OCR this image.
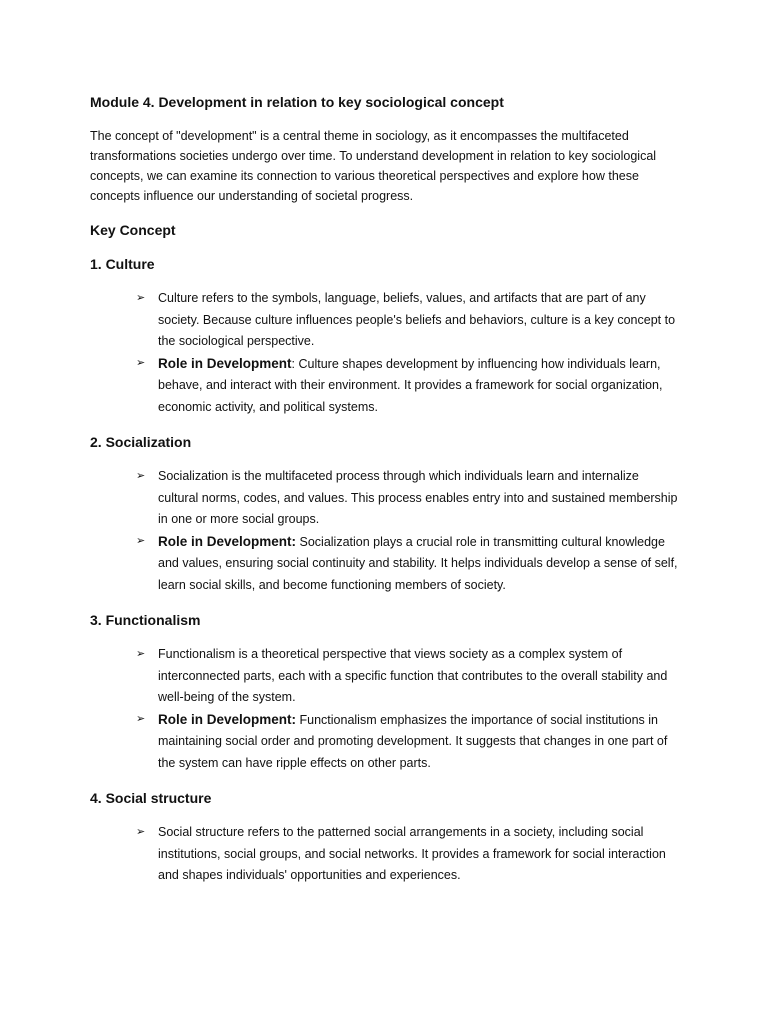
Module 4. Development in relation to key sociological concept
The concept of "development" is a central theme in sociology, as it encompasses the multifaceted transformations societies undergo over time. To understand development in relation to key sociological concepts, we can examine its connection to various theoretical perspectives and explore how these concepts influence our understanding of societal progress.
Key Concept
1. Culture
➢ Culture refers to the symbols, language, beliefs, values, and artifacts that are part of any society. Because culture influences people's beliefs and behaviors, culture is a key concept to the sociological perspective.
➢ Role in Development: Culture shapes development by influencing how individuals learn, behave, and interact with their environment. It provides a framework for social organization, economic activity, and political systems.
2. Socialization
➢ Socialization is the multifaceted process through which individuals learn and internalize cultural norms, codes, and values. This process enables entry into and sustained membership in one or more social groups.
➢ Role in Development: Socialization plays a crucial role in transmitting cultural knowledge and values, ensuring social continuity and stability. It helps individuals develop a sense of self, learn social skills, and become functioning members of society.
3. Functionalism
➢ Functionalism is a theoretical perspective that views society as a complex system of interconnected parts, each with a specific function that contributes to the overall stability and well-being of the system.
➢ Role in Development: Functionalism emphasizes the importance of social institutions in maintaining social order and promoting development. It suggests that changes in one part of the system can have ripple effects on other parts.
4. Social structure
➢ Social structure refers to the patterned social arrangements in a society, including social institutions, social groups, and social networks. It provides a framework for social interaction and shapes individuals' opportunities and experiences.
